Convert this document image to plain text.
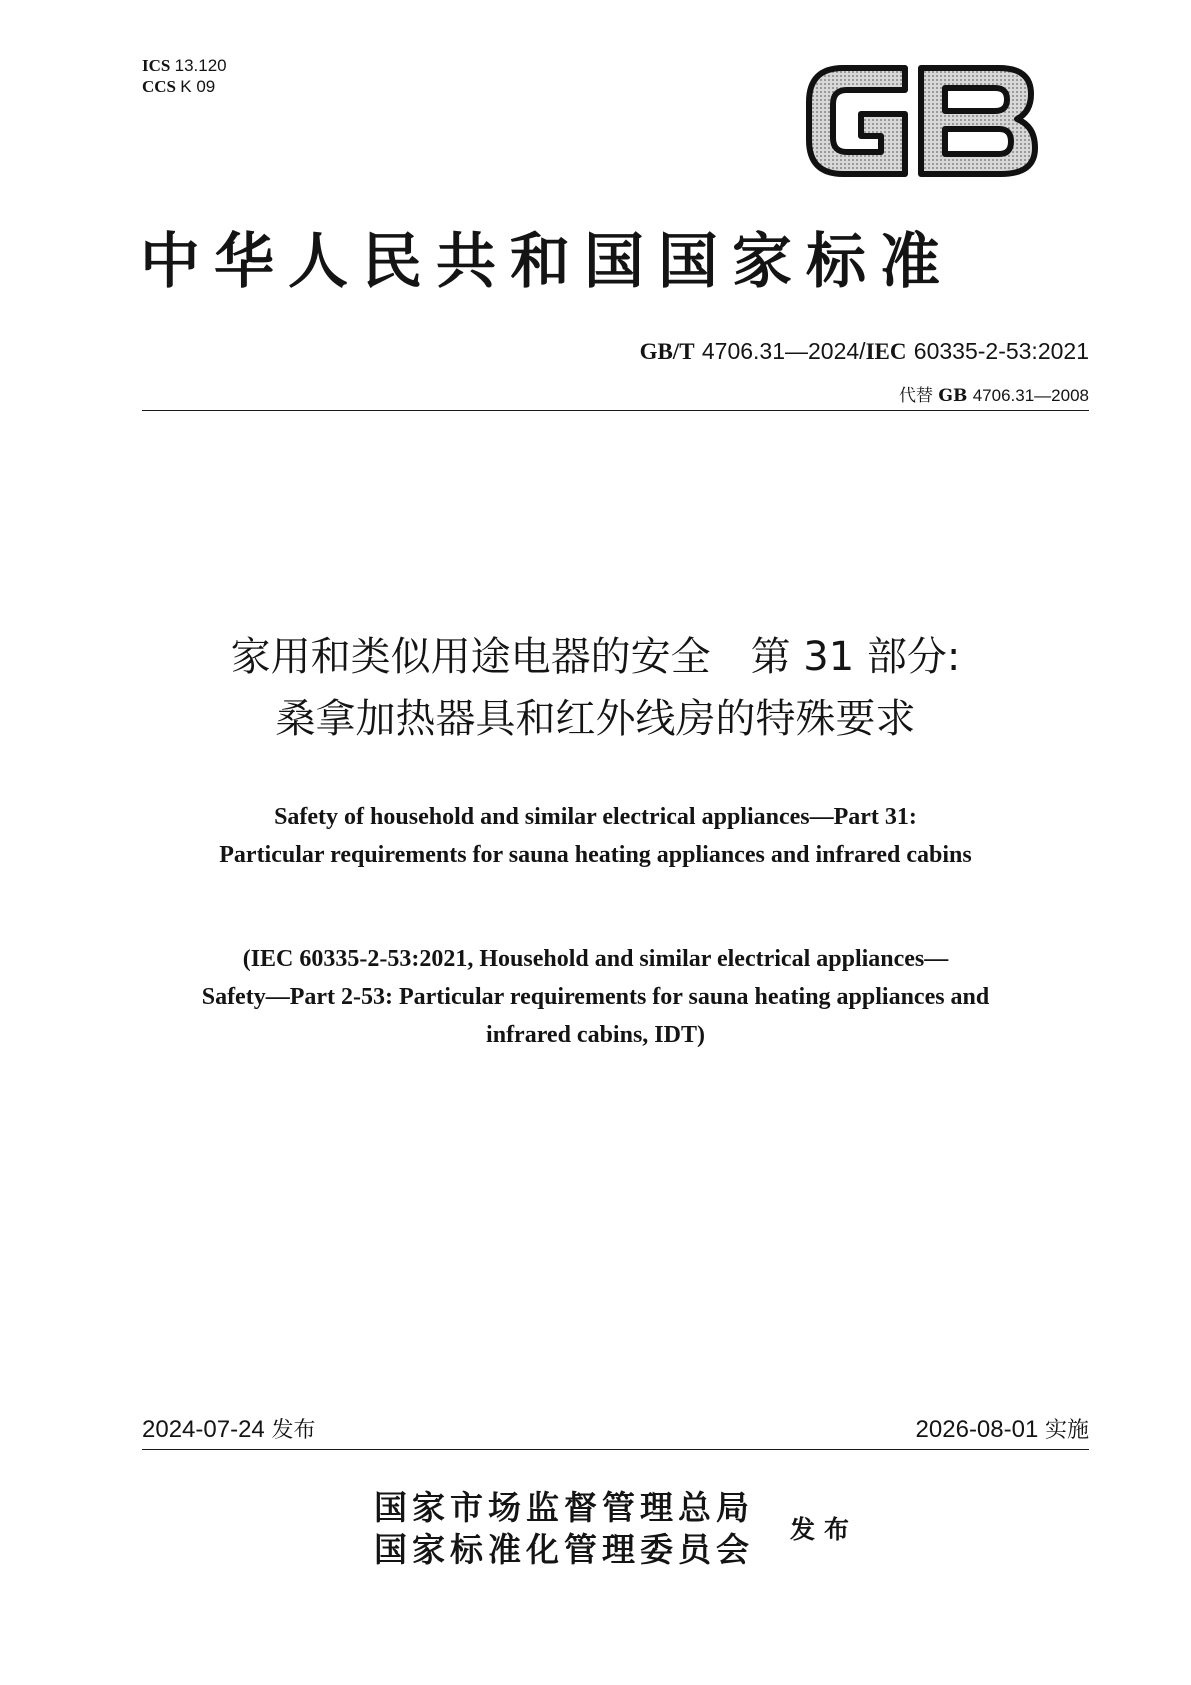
ICS 13.120
CCS K 09
中华人民共和国国家标准
GB/T 4706.31—2024/IEC 60335-2-53:2021
代替 GB 4706.31—2008
家用和类似用途电器的安全　第 31 部分:
桑拿加热器具和红外线房的特殊要求
Safety of household and similar electrical appliances—Part 31:
Particular requirements for sauna heating appliances and infrared cabins
(IEC 60335-2-53:2021, Household and similar electrical appliances—
Safety—Part 2-53: Particular requirements for sauna heating appliances and
infrared cabins, IDT)
2024-07-24 发布	2026-08-01 实施
国家市场监督管理总局
国家标准化管理委员会
发布
